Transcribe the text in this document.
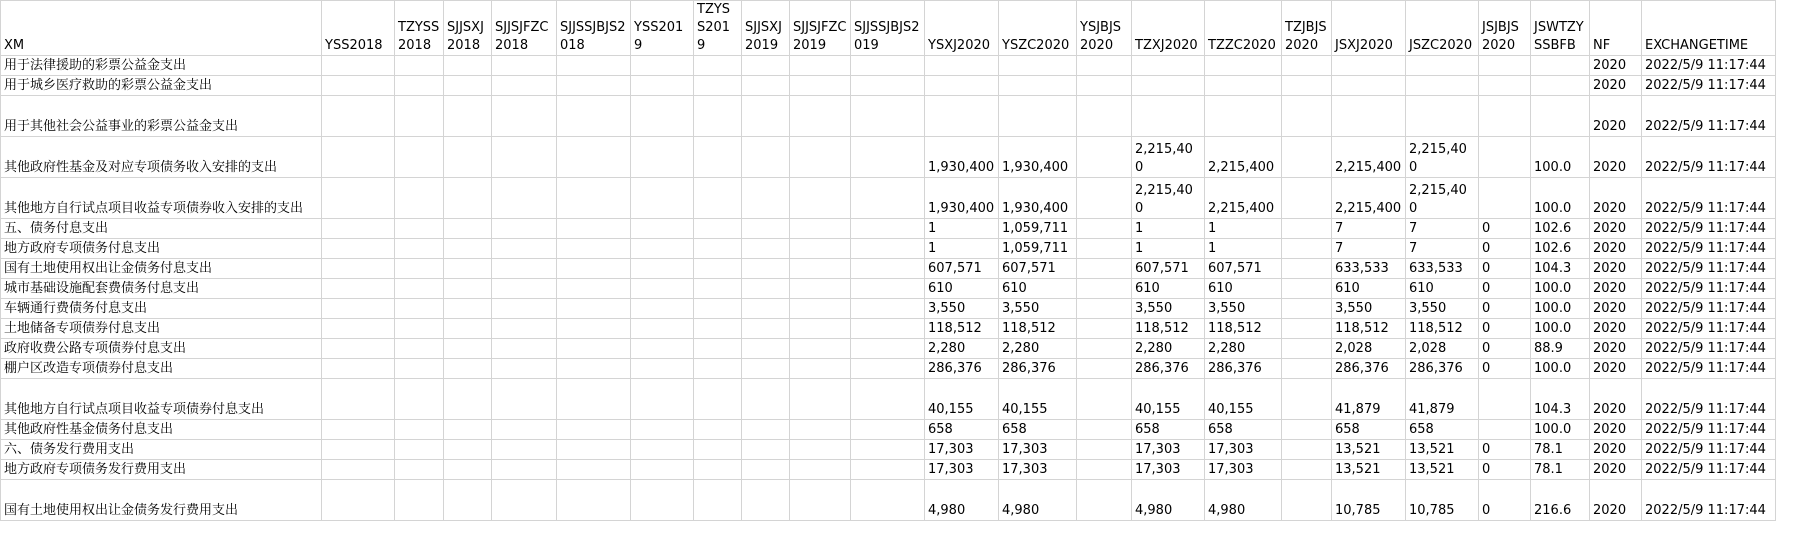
XM	YSS2018	TZYSS2018	SJJSXJ2018	SJJSJFZC2018	SJJSSJBJS2018	YSS2019	TZYSS2019	SJJSXJ2019	SJJSJFZC2019	SJJSSJBJS2019	YSXJ2020	YSZC2020	YSJBJS2020	TZXJ2020	TZZC2020	TZJBJS2020	JSXJ2020	JSZC2020	JSJBJS2020	JSWTZYSSBFB	NF	EXCHANGETIME
用于法律援助的彩票公益金支出																					2020	2022/5/9 11:17:44
用于城乡医疗救助的彩票公益金支出																					2020	2022/5/9 11:17:44
用于其他社会公益事业的彩票公益金支出																					2020	2022/5/9 11:17:44
其他政府性基金及对应专项债务收入安排的支出											1,930,400	1,930,400		2,215,400	2,215,400		2,215,400	2,215,400		100.0	2020	2022/5/9 11:17:44
其他地方自行试点项目收益专项债券收入安排的支出											1,930,400	1,930,400		2,215,400	2,215,400		2,215,400	2,215,400		100.0	2020	2022/5/9 11:17:44
五、债务付息支出											1	1,059,711		1	1		7	7	0	102.6	2020	2022/5/9 11:17:44
地方政府专项债务付息支出											1	1,059,711		1	1		7	7	0	102.6	2020	2022/5/9 11:17:44
国有土地使用权出让金债务付息支出											607,571	607,571		607,571	607,571		633,533	633,533	0	104.3	2020	2022/5/9 11:17:44
城市基础设施配套费债务付息支出											610	610		610	610		610	610	0	100.0	2020	2022/5/9 11:17:44
车辆通行费债务付息支出											3,550	3,550		3,550	3,550		3,550	3,550	0	100.0	2020	2022/5/9 11:17:44
土地储备专项债券付息支出											118,512	118,512		118,512	118,512		118,512	118,512	0	100.0	2020	2022/5/9 11:17:44
政府收费公路专项债券付息支出											2,280	2,280		2,280	2,280		2,028	2,028	0	88.9	2020	2022/5/9 11:17:44
棚户区改造专项债券付息支出											286,376	286,376		286,376	286,376		286,376	286,376	0	100.0	2020	2022/5/9 11:17:44
其他地方自行试点项目收益专项债券付息支出											40,155	40,155		40,155	40,155		41,879	41,879		104.3	2020	2022/5/9 11:17:44
其他政府性基金债务付息支出											658	658		658	658		658	658		100.0	2020	2022/5/9 11:17:44
六、债务发行费用支出											17,303	17,303		17,303	17,303		13,521	13,521	0	78.1	2020	2022/5/9 11:17:44
地方政府专项债务发行费用支出											17,303	17,303		17,303	17,303		13,521	13,521	0	78.1	2020	2022/5/9 11:17:44
国有土地使用权出让金债务发行费用支出											4,980	4,980		4,980	4,980		10,785	10,785	0	216.6	2020	2022/5/9 11:17:44
